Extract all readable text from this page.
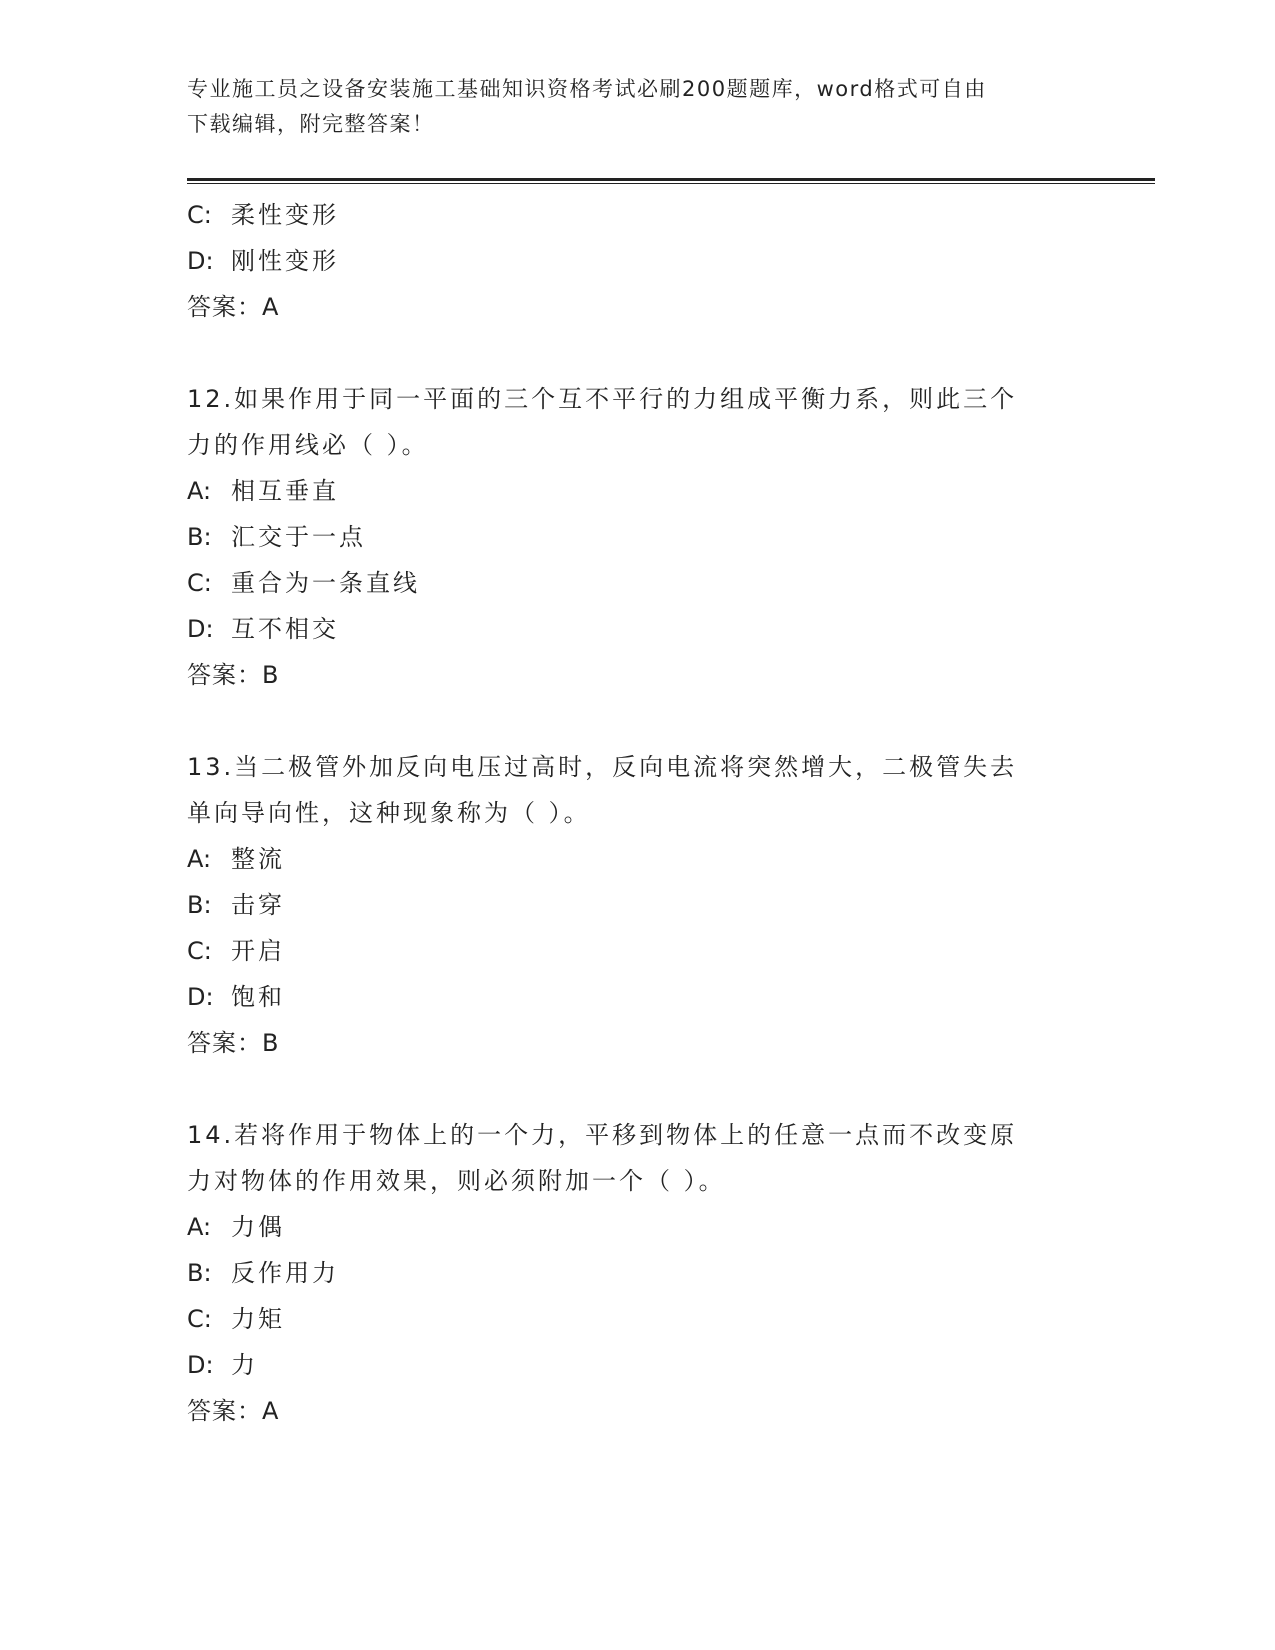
专业施工员之设备安装施工基础知识资格考试必刷200题题库，word格式可自由
下载编辑，附完整答案！
C: 柔性变形
D: 刚性变形
答案：A
12.如果作用于同一平面的三个互不平行的力组成平衡力系，则此三个
力的作用线必（ ）。
A: 相互垂直
B: 汇交于一点
C: 重合为一条直线
D: 互不相交
答案：B
13.当二极管外加反向电压过高时，反向电流将突然增大，二极管失去
单向导向性，这种现象称为（ ）。
A: 整流
B: 击穿
C: 开启
D: 饱和
答案：B
14.若将作用于物体上的一个力，平移到物体上的任意一点而不改变原
力对物体的作用效果，则必须附加一个（ ）。
A: 力偶
B: 反作用力
C: 力矩
D: 力
答案：A
